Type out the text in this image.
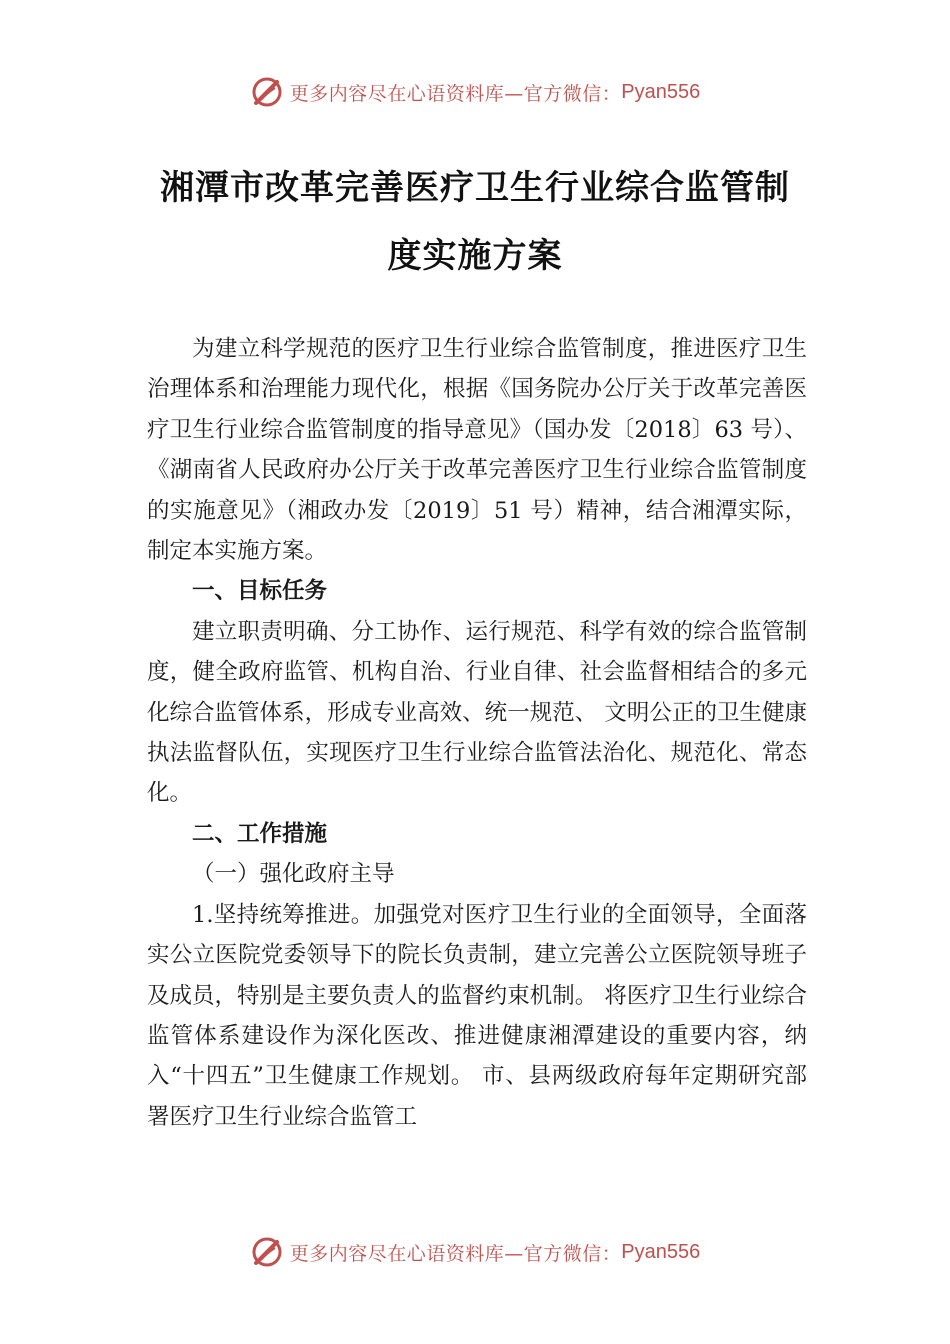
更多内容尽在心语资料库—官方微信： Pyan556
湘潭市改革完善医疗卫生行业综合监管制
度实施方案

为建立科学规范的医疗卫生行业综合监管制度，推进医疗卫生治理体系和治理能力现代化，根据《国务院办公厅关于改革完善医疗卫生行业综合监管制度的指导意见》（国办发〔2018〕63 号）、《湖南省人民政府办公厅关于改革完善医疗卫生行业综合监管制度的实施意见》（湘政办发〔2019〕51 号）精神，结合湘潭实际，制定本实施方案。

一、目标任务

建立职责明确、分工协作、运行规范、科学有效的综合监管制度，健全政府监管、机构自治、行业自律、社会监督相结合的多元化综合监管体系，形成专业高效、统一规范、 文明公正的卫生健康执法监督队伍，实现医疗卫生行业综合监管法治化、规范化、常态化。

二、工作措施
（一）强化政府主导

1.坚持统筹推进。加强党对医疗卫生行业的全面领导，全面落实公立医院党委领导下的院长负责制，建立完善公立医院领导班子及成员，特别是主要负责人的监督约束机制。 将医疗卫生行业综合监管体系建设作为深化医改、推进健康湘潭建设的重要内容，纳入“十四五”卫生健康工作规划。 市、县两级政府每年定期研究部署医疗卫生行业综合监管工

更多内容尽在心语资料库—官方微信： Pyan556
